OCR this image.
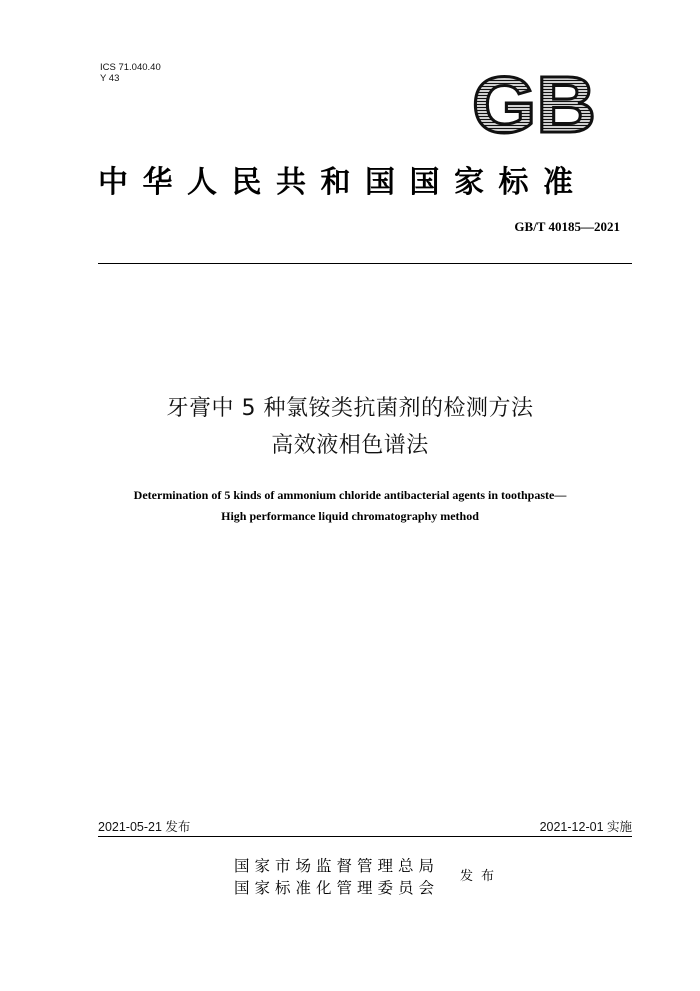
ICS 71.040.40
Y 43	GB
中华人民共和国国家标准
GB/T 40185—2021
牙膏中 5 种氯铵类抗菌剂的检测方法
高效液相色谱法
Determination of 5 kinds of ammonium chloride antibacterial agents in toothpaste—
High performance liquid chromatography method
2021-05-21 发布	2021-12-01 实施
国家市场监督管理总局
国家标准化管理委员会
发布
